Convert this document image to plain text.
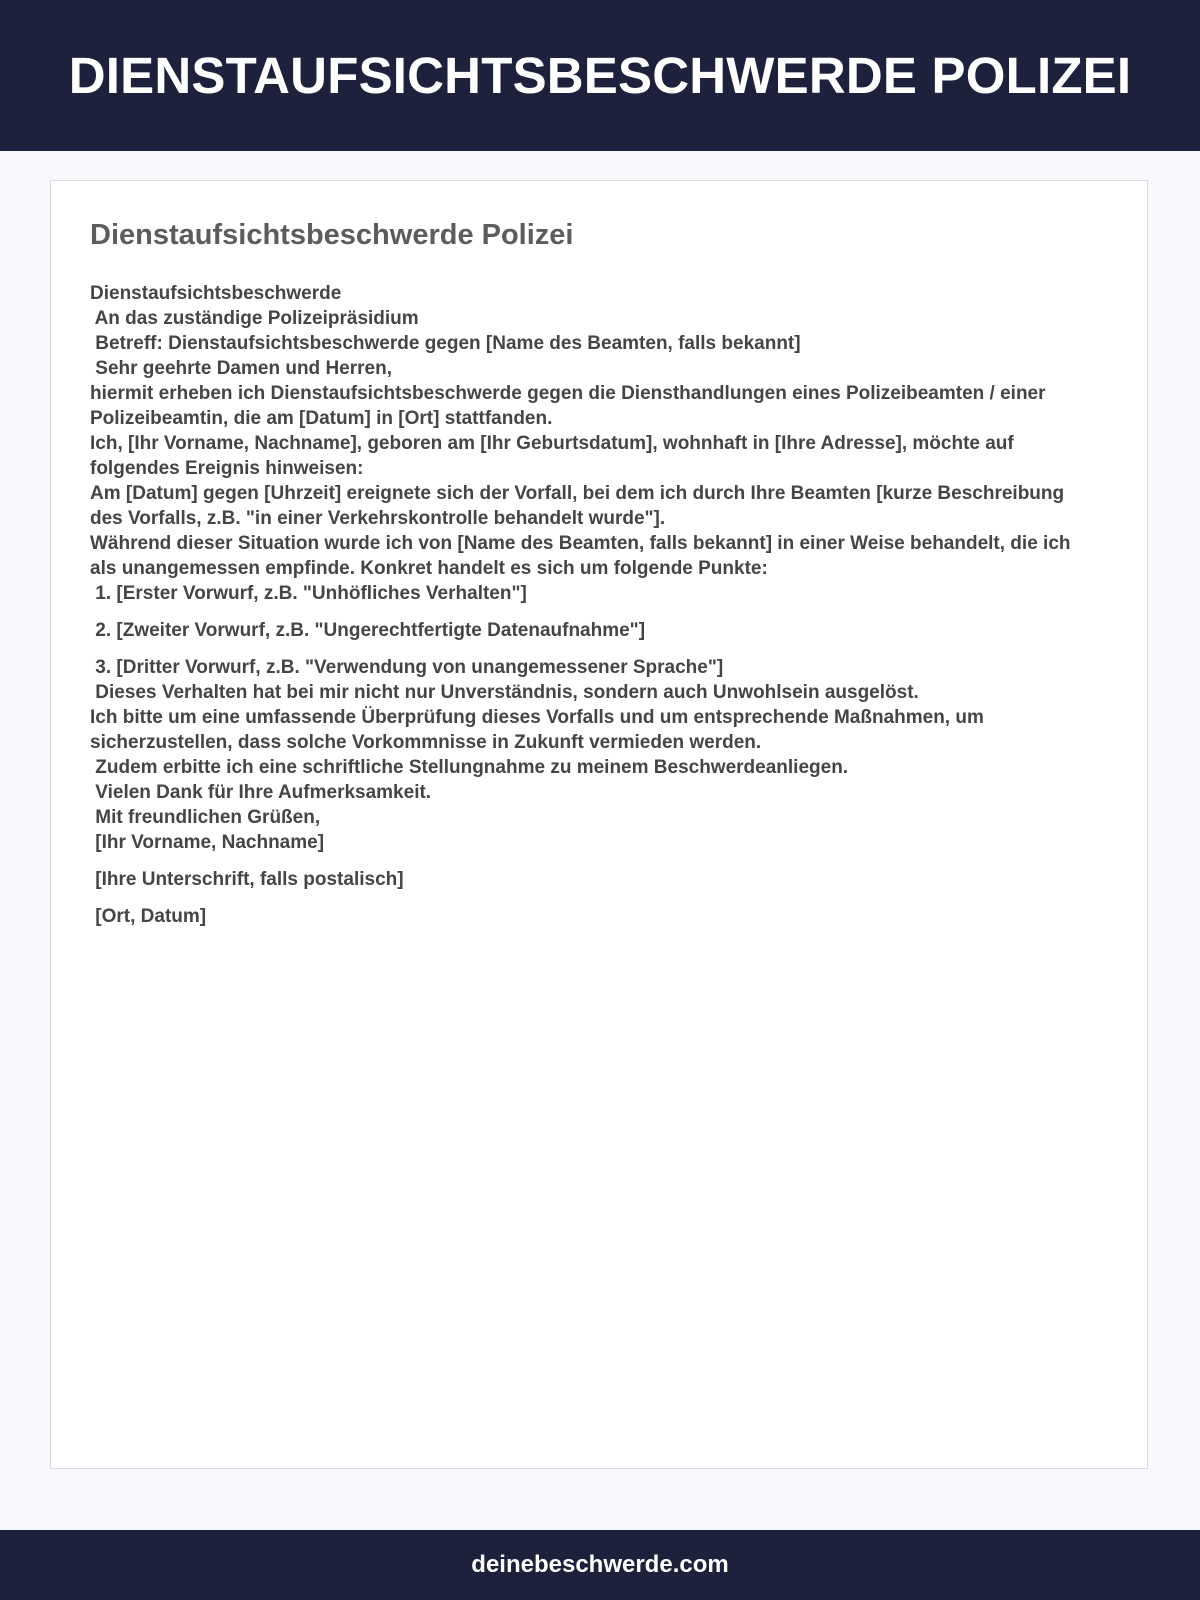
DIENSTAUFSICHTSBESCHWERDE POLIZEI
Dienstaufsichtsbeschwerde Polizei
Dienstaufsichtsbeschwerde
An das zuständige Polizeipräsidium
Betreff: Dienstaufsichtsbeschwerde gegen [Name des Beamten, falls bekannt]
Sehr geehrte Damen und Herren,
hiermit erheben ich Dienstaufsichtsbeschwerde gegen die Diensthandlungen eines Polizeibeamten / einer Polizeibeamtin, die am [Datum] in [Ort] stattfanden.
Ich, [Ihr Vorname, Nachname], geboren am [Ihr Geburtsdatum], wohnhaft in [Ihre Adresse], möchte auf folgendes Ereignis hinweisen:
Am [Datum] gegen [Uhrzeit] ereignete sich der Vorfall, bei dem ich durch Ihre Beamten [kurze Beschreibung des Vorfalls, z.B. "in einer Verkehrskontrolle behandelt wurde"].
Während dieser Situation wurde ich von [Name des Beamten, falls bekannt] in einer Weise behandelt, die ich als unangemessen empfinde. Konkret handelt es sich um folgende Punkte:
1. [Erster Vorwurf, z.B. "Unhöfliches Verhalten"]
2. [Zweiter Vorwurf, z.B. "Ungerechtfertigte Datenaufnahme"]
3. [Dritter Vorwurf, z.B. "Verwendung von unangemessener Sprache"]
Dieses Verhalten hat bei mir nicht nur Unverständnis, sondern auch Unwohlsein ausgelöst.
Ich bitte um eine umfassende Überprüfung dieses Vorfalls und um entsprechende Maßnahmen, um sicherzustellen, dass solche Vorkommnisse in Zukunft vermieden werden.
Zudem erbitte ich eine schriftliche Stellungnahme zu meinem Beschwerdeanliegen.
Vielen Dank für Ihre Aufmerksamkeit.
Mit freundlichen Grüßen,
[Ihr Vorname, Nachname]
[Ihre Unterschrift, falls postalisch]
[Ort, Datum]
deinebeschwerde.com
